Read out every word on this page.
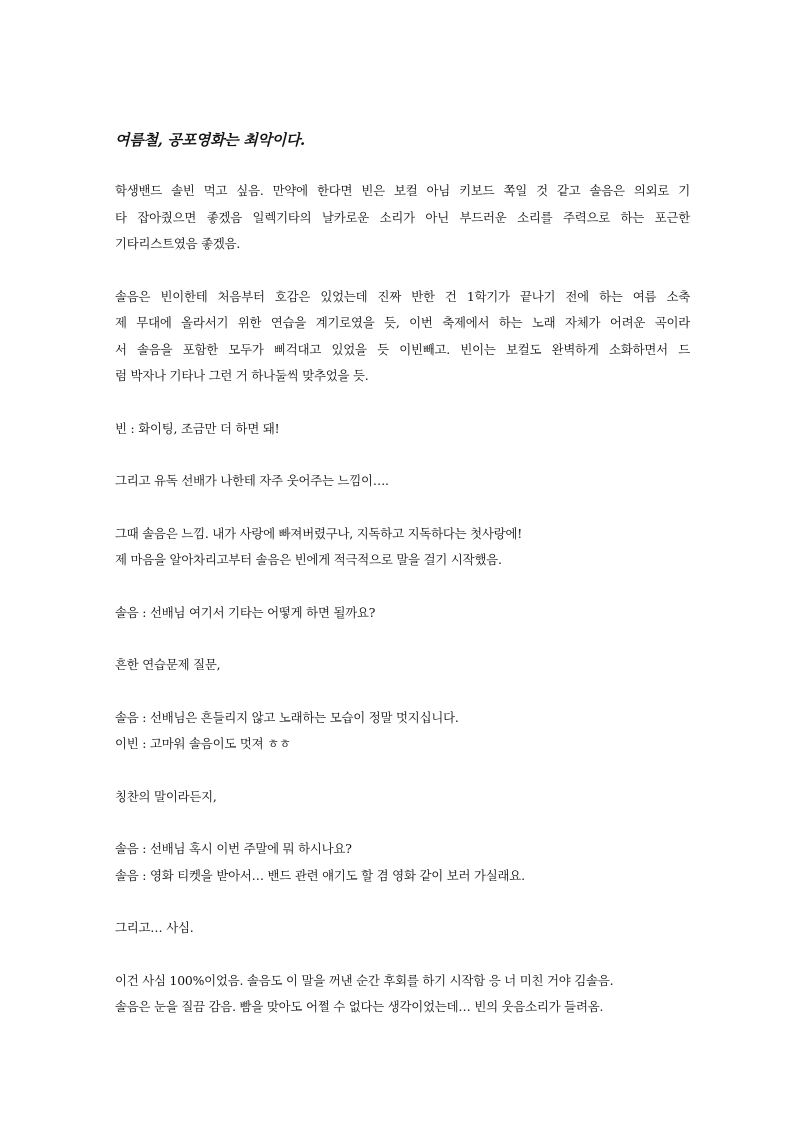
여름철, 공포영화는 최악이다.
학생밴드 솔빈 먹고 싶음. 만약에 한다면 빈은 보컬 아님 키보드 쪽일 것 같고 솔음은 의외로 기
타 잡아줬으면 좋겠음 일렉기타의 날카로운 소리가 아닌 부드러운 소리를 주력으로 하는 포근한
기타리스트였음 좋겠음.
솔음은 빈이한테 처음부터 호감은 있었는데 진짜 반한 건 1학기가 끝나기 전에 하는 여름 소축
제 무대에 올라서기 위한 연습을 계기로였을 듯, 이번 축제에서 하는 노래 자체가 어려운 곡이라
서 솔음을 포함한 모두가 삐걱대고 있었을 듯 이빈빼고. 빈이는 보컬도 완벽하게 소화하면서 드
럼 박자나 기타나 그런 거 하나둘씩 맞추었을 듯.
빈 : 화이팅, 조금만 더 하면 돼!
그리고 유독 선배가 나한테 자주 웃어주는 느낌이….
그때 솔음은 느낌. 내가 사랑에 빠져버렸구나, 지독하고 지독하다는 첫사랑에!
제 마음을 알아차리고부터 솔음은 빈에게 적극적으로 말을 걸기 시작했음.
솔음 : 선배님 여기서 기타는 어떻게 하면 될까요?
흔한 연습문제 질문,
솔음 : 선배님은 흔들리지 않고 노래하는 모습이 정말 멋지십니다.
이빈 : 고마워 솔음이도 멋져 ㅎㅎ
칭찬의 말이라든지,
솔음 : 선배님 혹시 이번 주말에 뭐 하시나요?
솔음 : 영화 티켓을 받아서… 밴드 관련 얘기도 할 겸 영화 같이 보러 가실래요.
그리고… 사심.
이건 사심 100%이었음. 솔음도 이 말을 꺼낸 순간 후회를 하기 시작함 응 너 미친 거야 김솔음.
솔음은 눈을 질끔 감음. 빰을 맞아도 어쩔 수 없다는 생각이었는데… 빈의 웃음소리가 들려옴.
